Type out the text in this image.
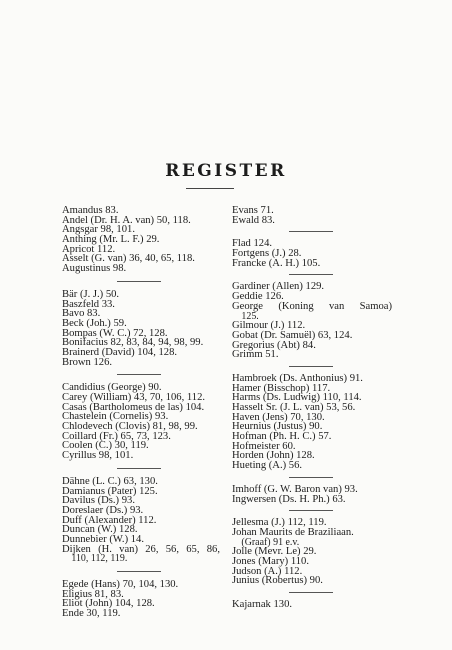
REGISTER
Amandus 83.
Andel (Dr. H. A. van) 50, 118.
Angsgar 98, 101.
Anthing (Mr. L. F.) 29.
Apricot 112.
Asselt (G. van) 36, 40, 65, 118.
Augustinus 98.
Bär (J. J.) 50.
Baszfeld 33.
Bavo 83.
Beck (Joh.) 59.
Bompas (W. C.) 72, 128.
Bonifacius 82, 83, 84, 94, 98, 99.
Brainerd (David) 104, 128.
Brown 126.
Candidius (George) 90.
Carey (William) 43, 70, 106, 112.
Casas (Bartholomeus de las) 104.
Chastelein (Cornelis) 93.
Chlodevech (Clovis) 81, 98, 99.
Coillard (Fr.) 65, 73, 123.
Coolen (C.) 30, 119.
Cyrillus 98, 101.
Dähne (L. C.) 63, 130.
Damianus (Pater) 125.
Davilus (Ds.) 93.
Doreslaer (Ds.) 93.
Duff (Alexander) 112.
Duncan (W.) 128.
Dunnebier (W.) 14.
Dijken (H. van) 26, 56, 65, 86,
110, 112, 119.
Egede (Hans) 70, 104, 130.
Eligius 81, 83.
Eliot (John) 104, 128.
Ende 30, 119.
Evans 71.
Ewald 83.
Flad 124.
Fortgens (J.) 28.
Francke (A. H.) 105.
Gardiner (Allen) 129.
Geddie 126.
George (Koning van Samoa)
125.
Gilmour (J.) 112.
Gobat (Dr. Samuël) 63, 124.
Gregorius (Abt) 84.
Grimm 51.
Hambroek (Ds. Anthonius) 91.
Hamer (Bisschop) 117.
Harms (Ds. Ludwig) 110, 114.
Hasselt Sr. (J. L. van) 53, 56.
Haven (Jens) 70, 130.
Heurnius (Justus) 90.
Hofman (Ph. H. C.) 57.
Hofmeister 60.
Horden (John) 128.
Hueting (A.) 56.
Imhoff (G. W. Baron van) 93.
Ingwersen (Ds. H. Ph.) 63.
Jellesma (J.) 112, 119.
Johan Maurits de Braziliaan.
(Graaf) 91 e.v.
Jolle (Mevr. Le) 29.
Jones (Mary) 110.
Judson (A.) 112.
Junius (Robertus) 90.
Kajarnak 130.
